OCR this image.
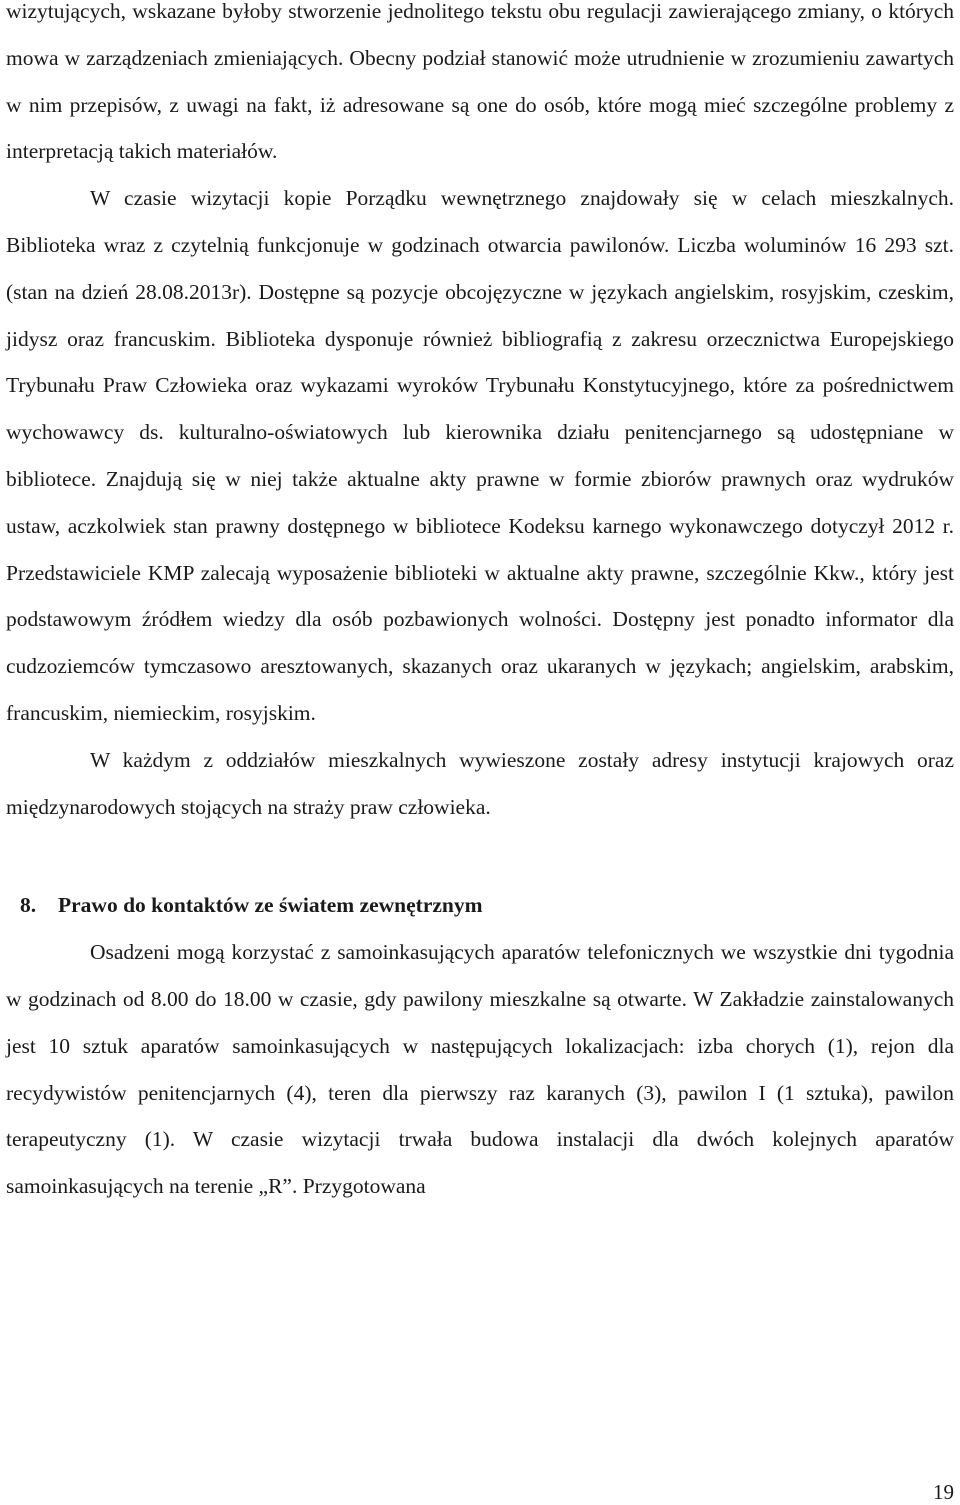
wizytujących, wskazane byłoby stworzenie jednolitego tekstu obu regulacji zawierającego zmiany, o których mowa w zarządzeniach zmieniających. Obecny podział stanowić może utrudnienie w zrozumieniu zawartych w nim przepisów, z uwagi na fakt, iż adresowane są one do osób, które mogą mieć szczególne problemy z interpretacją takich materiałów.

W czasie wizytacji kopie Porządku wewnętrznego znajdowały się w celach mieszkalnych. Biblioteka wraz z czytelnią funkcjonuje w godzinach otwarcia pawilonów. Liczba woluminów 16 293 szt. (stan na dzień 28.08.2013r). Dostępne są pozycje obcojęzyczne w językach angielskim, rosyjskim, czeskim, jidysz oraz francuskim. Biblioteka dysponuje również bibliografią z zakresu orzecznictwa Europejskiego Trybunału Praw Człowieka oraz wykazami wyroków Trybunału Konstytucyjnego, które za pośrednictwem wychowawcy ds. kulturalno-oświatowych lub kierownika działu penitencjarnego są udostępniane w bibliotece. Znajdują się w niej także aktualne akty prawne w formie zbiorów prawnych oraz wydruków ustaw, aczkolwiek stan prawny dostępnego w bibliotece Kodeksu karnego wykonawczego dotyczył 2012 r. Przedstawiciele KMP zalecają wyposażenie biblioteki w aktualne akty prawne, szczególnie Kkw., który jest podstawowym źródłem wiedzy dla osób pozbawionych wolności. Dostępny jest ponadto informator dla cudzoziemców tymczasowo aresztowanych, skazanych oraz ukaranych w językach; angielskim, arabskim, francuskim, niemieckim, rosyjskim.

W każdym z oddziałów mieszkalnych wywieszone zostały adresy instytucji krajowych oraz międzynarodowych stojących na straży praw człowieka.

8. Prawo do kontaktów ze światem zewnętrznym

Osadzeni mogą korzystać z samoinkasujących aparatów telefonicznych we wszystkie dni tygodnia w godzinach od 8.00 do 18.00 w czasie, gdy pawilony mieszkalne są otwarte. W Zakładzie zainstalowanych jest 10 sztuk aparatów samoinkasujących w następujących lokalizacjach: izba chorych (1), rejon dla recydywistów penitencjarnych (4), teren dla pierwszy raz karanych (3), pawilon I (1 sztuka), pawilon terapeutyczny (1). W czasie wizytacji trwała budowa instalacji dla dwóch kolejnych aparatów samoinkasujących na terenie „R”. Przygotowana

19
